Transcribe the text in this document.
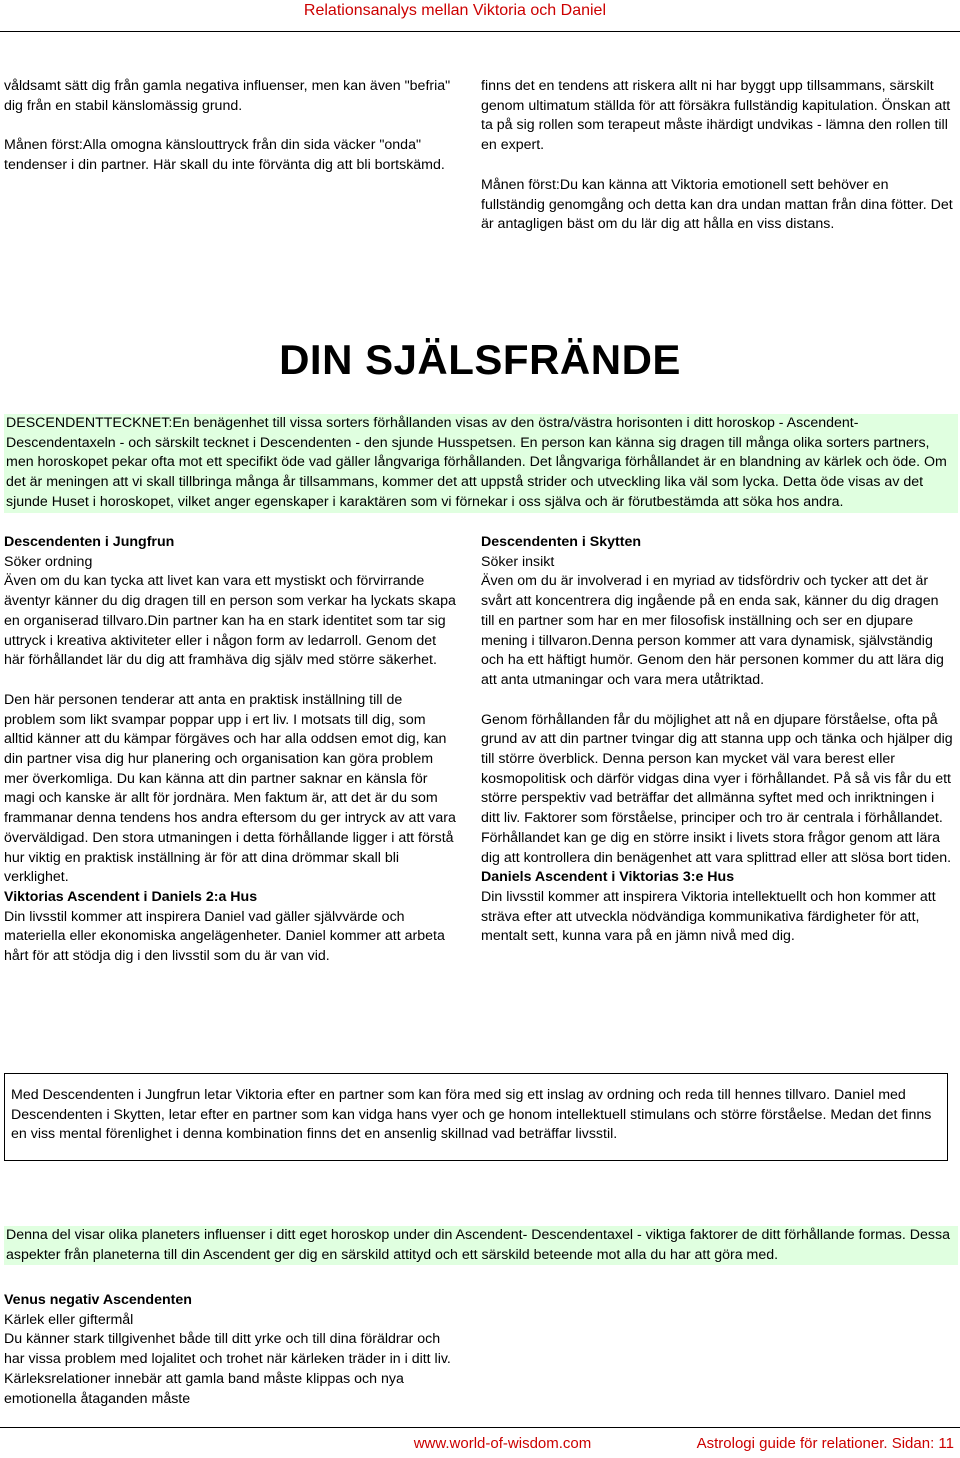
Relationsanalys mellan Viktoria och Daniel

våldsamt sätt dig från gamla negativa influenser, men kan även "befria" dig från en stabil känslomässig grund.

Månen först:Alla omogna känslouttryck från din sida väcker "onda" tendenser i din partner. Här skall du inte förvänta dig att bli bortskämd.

finns det en tendens att riskera allt ni har byggt upp tillsammans, särskilt genom ultimatum ställda för att försäkra fullständig kapitulation. Önskan att ta på sig rollen som terapeut måste ihärdigt undvikas - lämna den rollen till en expert.

Månen först:Du kan känna att Viktoria emotionell sett behöver en fullständig genomgång och detta kan dra undan mattan från dina fötter. Det är antagligen bäst om du lär dig att hålla en viss distans.

DIN SJÄLSFRÄNDE
DESCENDENTTECKNET:En benägenhet till vissa sorters förhållanden visas av den östra/västra horisonten i ditt horoskop - Ascendent-Descendentaxeln - och särskilt tecknet i Descendenten - den sjunde Husspetsen. En person kan känna sig dragen till många olika sorters partners, men horoskopet pekar ofta mot ett specifikt öde vad gäller långvariga förhållanden. Det långvariga förhållandet är en blandning av kärlek och öde. Om det är meningen att vi skall tillbringa många år tillsammans, kommer det att uppstå strider och utveckling lika väl som lycka. Detta öde visas av det sjunde Huset i horoskopet, vilket anger egenskaper i karaktären som vi förnekar i oss själva och är förutbestämda att söka hos andra.

Descendenten i Jungfrun

Söker ordning

Även om du kan tycka att livet kan vara ett mystiskt och förvirrande äventyr känner du dig dragen till en person som verkar ha lyckats skapa en organiserad tillvaro.Din partner kan ha en stark identitet som tar sig uttryck i kreativa aktiviteter eller i någon form av ledarroll. Genom det här förhållandet lär du dig att framhäva dig själv med större säkerhet.

Den här personen tenderar att anta en praktisk inställning till de problem som likt svampar poppar upp i ert liv. I motsats till dig, som alltid känner att du kämpar förgäves och har alla oddsen emot dig, kan din partner visa dig hur planering och organisation kan göra problem mer överkomliga. Du kan känna att din partner saknar en känsla för magi och kanske är allt för jordnära. Men faktum är, att det är du som frammanar denna tendens hos andra eftersom du ger intryck av att vara överväldigad. Den stora utmaningen i detta förhållande ligger i att förstå hur viktig en praktisk inställning är för att dina drömmar skall bli verklighet.

Viktorias Ascendent i Daniels 2:a Hus

Din livsstil kommer att inspirera Daniel vad gäller självvärde och materiella eller ekonomiska angelägenheter. Daniel kommer att arbeta hårt för att stödja dig i den livsstil som du är van vid.

Descendenten i Skytten

Söker insikt

Även om du är involverad i en myriad av tidsfördriv och tycker att det är svårt att koncentrera dig ingående på en enda sak, känner du dig dragen till en partner som har en mer filosofisk inställning och ser en djupare mening i tillvaron.Denna person kommer att vara dynamisk, självständig och ha ett häftigt humör. Genom den här personen kommer du att lära dig att anta utmaningar och vara mera utåtriktad.

Genom förhållanden får du möjlighet att nå en djupare förståelse, ofta på grund av att din partner tvingar dig att stanna upp och tänka och hjälper dig till större överblick. Denna person kan mycket väl vara berest eller kosmopolitisk och därför vidgas dina vyer i förhållandet. På så vis får du ett större perspektiv vad beträffar det allmänna syftet med och inriktningen i ditt liv. Faktorer som förståelse, principer och tro är centrala i förhållandet. Förhållandet kan ge dig en större insikt i livets stora frågor genom att lära dig att kontrollera din benägenhet att vara splittrad eller att slösa bort tiden.

Daniels Ascendent i Viktorias 3:e Hus

Din livsstil kommer att inspirera Viktoria intellektuellt och hon kommer att sträva efter att utveckla nödvändiga kommunikativa färdigheter för att, mentalt sett, kunna vara på en jämn nivå med dig.

Med Descendenten i Jungfrun letar Viktoria efter en partner som kan föra med sig ett inslag av ordning och reda till hennes tillvaro. Daniel med Descendenten i Skytten, letar efter en partner som kan vidga hans vyer och ge honom intellektuell stimulans och större förståelse. Medan det finns en viss mental förenlighet i denna kombination finns det en ansenlig skillnad vad beträffar livsstil.
Denna del visar olika planeters influenser i ditt eget horoskop under din Ascendent- Descendentaxel - viktiga faktorer de ditt förhållande formas. Dessa aspekter från planeterna till din Ascendent ger dig en särskild attityd och ett särskild beteende mot alla du har att göra med.

Venus negativ Ascendenten

Kärlek eller giftermål

Du känner stark tillgivenhet både till ditt yrke och till dina föräldrar och har vissa problem med lojalitet och trohet när kärleken träder in i ditt liv. Kärleksrelationer innebär att gamla band måste klippas och nya emotionella åtaganden måste

www.world-of-wisdom.com	Astrologi guide för relationer. Sidan: 11
